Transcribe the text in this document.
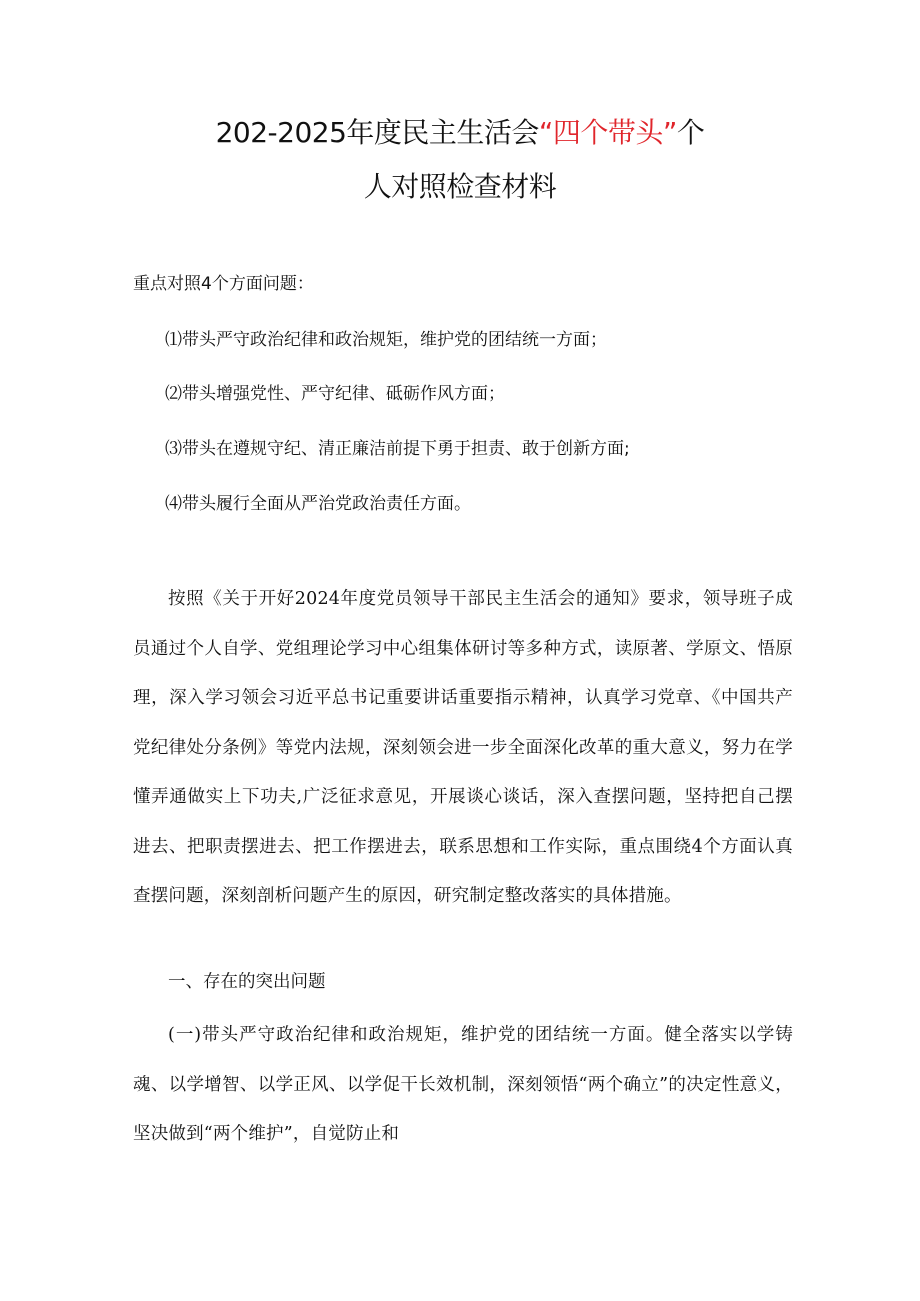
202-2025年度民主生活会“四个带头”个
人对照检查材料
重点对照4个方面问题：
⑴带头严守政治纪律和政治规矩，维护党的团结统一方面；
⑵带头增强党性、严守纪律、砥砺作风方面；
⑶带头在遵规守纪、清正廉洁前提下勇于担责、敢于创新方面;
⑷带头履行全面从严治党政治责任方面。
按照《关于开好2024年度党员领导干部民主生活会的通知》要求，领导班子成员通过个人自学、党组理论学习中心组集体研讨等多种方式，读原著、学原文、悟原理，深入学习领会习近平总书记重要讲话重要指示精神，认真学习党章、《中国共产党纪律处分条例》等党内法规，深刻领会进一步全面深化改革的重大意义，努力在学懂弄通做实上下功夫,广泛征求意见，开展谈心谈话，深入查摆问题，坚持把自己摆进去、把职责摆进去、把工作摆进去，联系思想和工作实际，重点围绕4个方面认真查摆问题，深刻剖析问题产生的原因，研究制定整改落实的具体措施。
一、存在的突出问题
(一)带头严守政治纪律和政治规矩，维护党的团结统一方面。健全落实以学铸魂、以学增智、以学正风、以学促干长效机制，深刻领悟“两个确立”的决定性意义，坚决做到“两个维护”，自觉防止和
